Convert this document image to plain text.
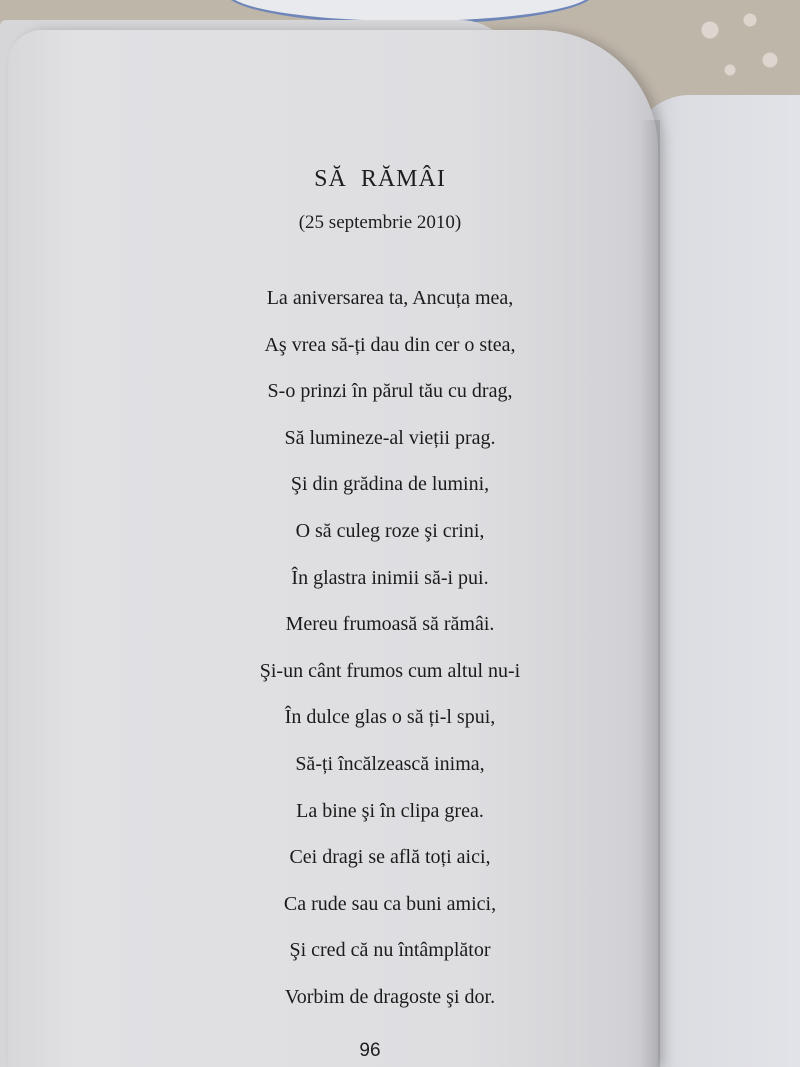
SĂ  RĂMÂI
(25 septembrie 2010)
La aniversarea ta, Ancuța mea,
Aş vrea să-ți dau din cer o stea,
S-o prinzi în părul tău cu drag,
Să lumineze-al vieții prag.
Şi din grădina de lumini,
O să culeg roze şi crini,
În glastra inimii să-i pui.
Mereu frumoasă să rămâi.
Şi-un cânt frumos cum altul nu-i
În dulce glas o să ți-l spui,
Să-ți încălzească inima,
La bine şi în clipa grea.
Cei dragi se află toți aici,
Ca rude sau ca buni amici,
Şi cred că nu întâmplător
Vorbim de dragoste şi dor.
96
